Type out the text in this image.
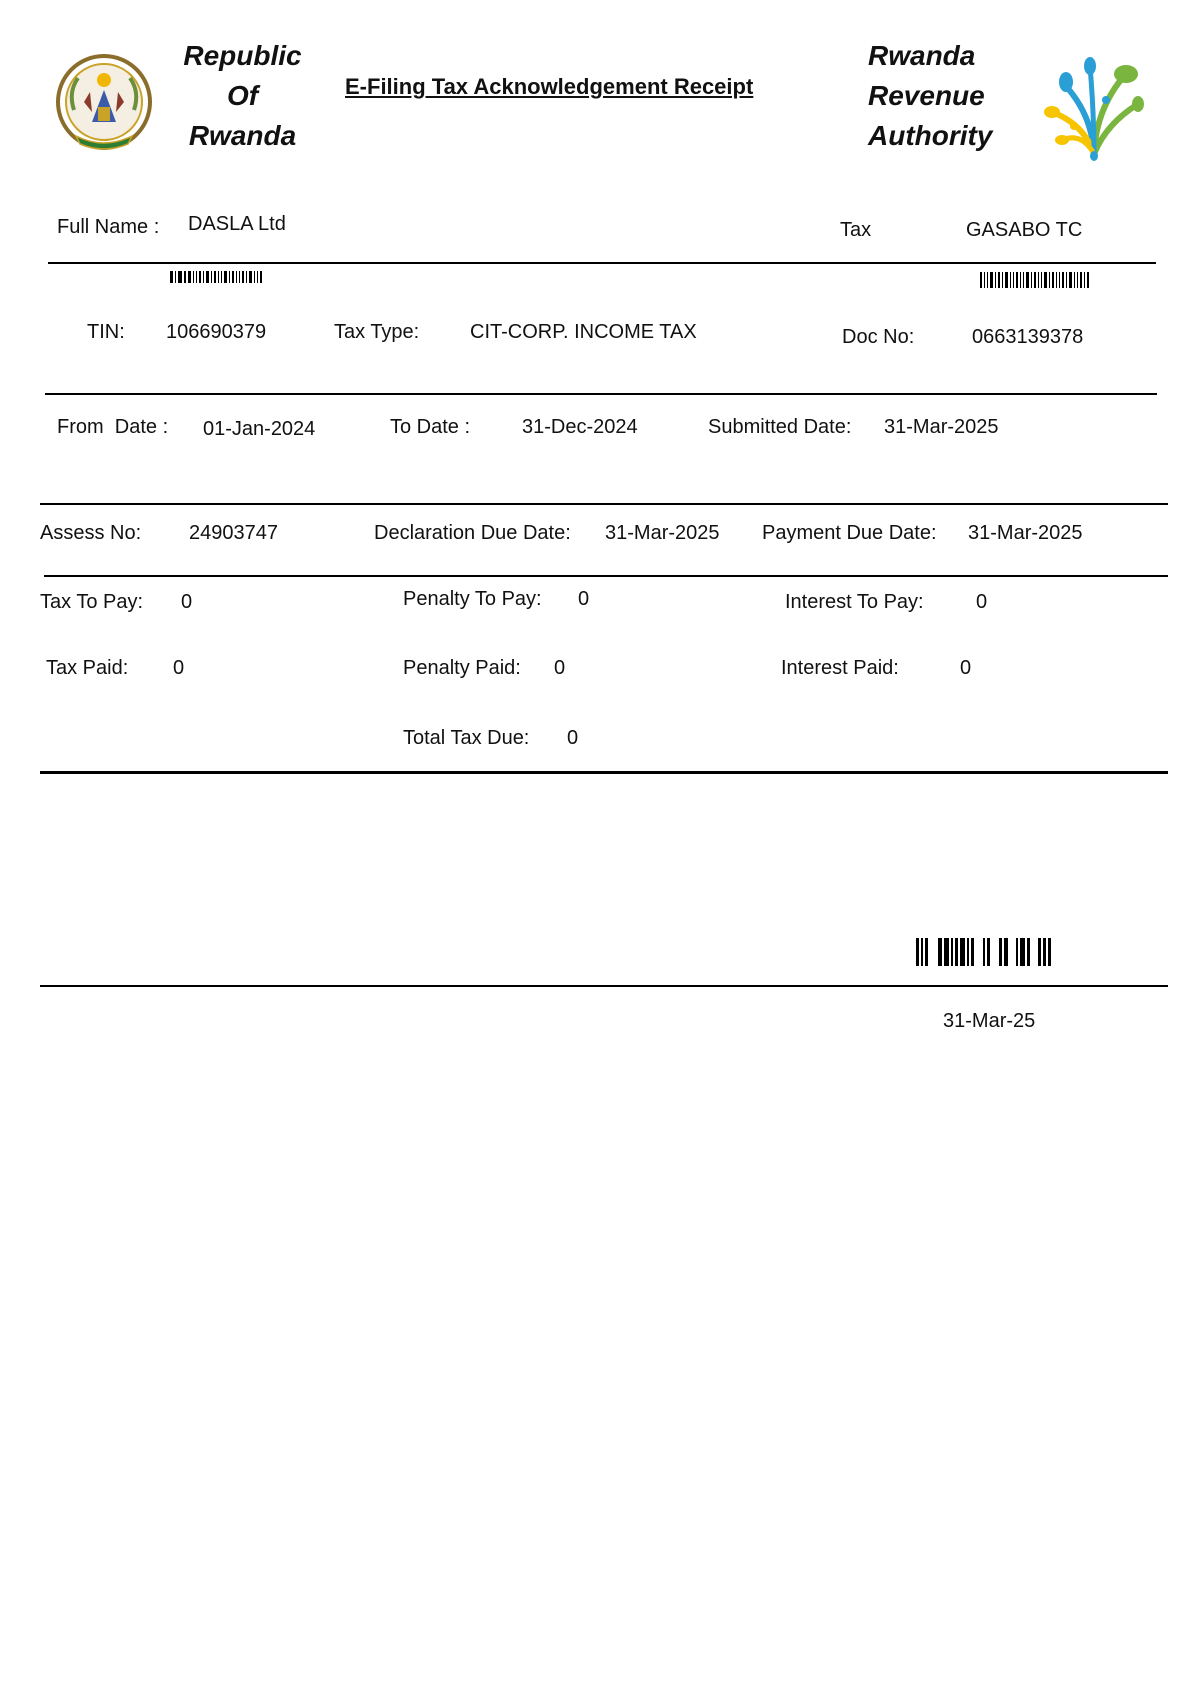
Republic
Of
Rwanda
E-Filing Tax Acknowledgement Receipt
Rwanda
Revenue
Authority
Full Name : DASLA Ltd	Tax	GASABO TC
TIN: 106690379	Tax Type:	CIT-CORP. INCOME TAX	Doc No:	0663139378
From  Date : 01-Jan-2024	To Date :	31-Dec-2024	Submitted Date: 31-Mar-2025
Assess No: 24903747	Declaration Due Date: 31-Mar-2025 Payment Due Date: 31-Mar-2025
Tax To Pay: 0	Penalty To Pay: 0	Interest To Pay:	0
Tax Paid: 0	Penalty Paid: 0	Interest Paid:	0
Total Tax Due: 0
31-Mar-25
